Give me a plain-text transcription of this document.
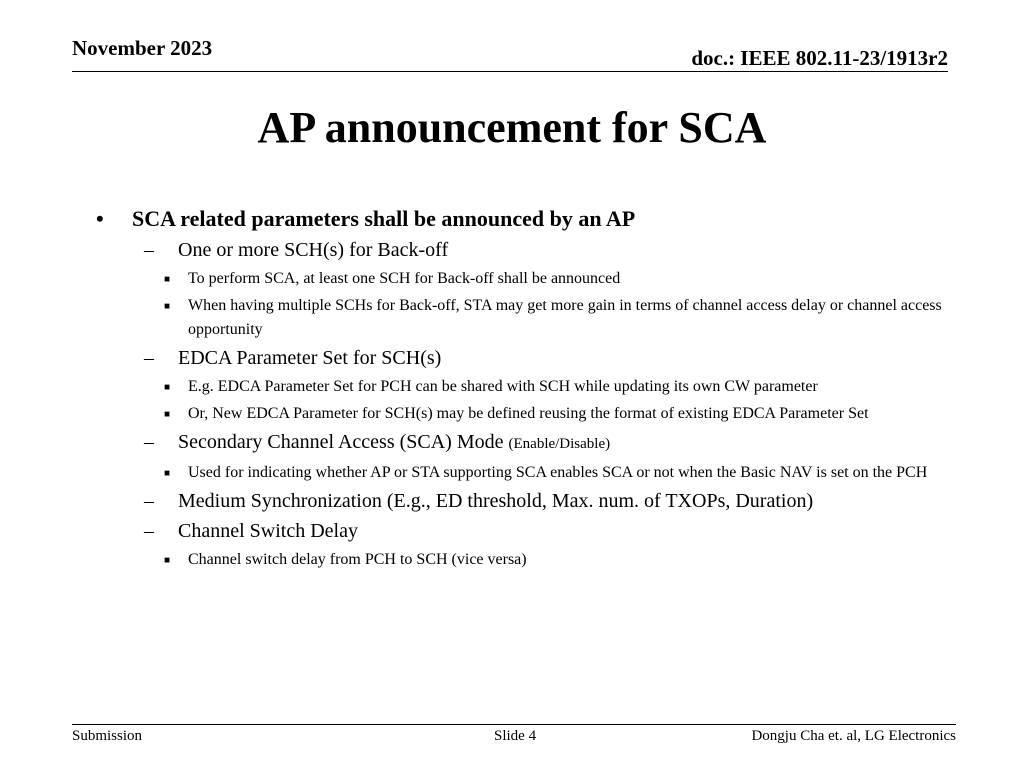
November 2023	doc.: IEEE 802.11-23/1913r2
AP announcement for SCA
• SCA related parameters shall be announced by an AP
– One or more SCH(s) for Back-off
■ To perform SCA, at least one SCH for Back-off shall be announced
■ When having multiple SCHs for Back-off, STA may get more gain in terms of channel access delay or channel access opportunity
– EDCA Parameter Set for SCH(s)
■ E.g. EDCA Parameter Set for PCH can be shared with SCH while updating its own CW parameter
■ Or, New EDCA Parameter for SCH(s) may be defined reusing the format of existing EDCA Parameter Set
– Secondary Channel Access (SCA) Mode (Enable/Disable)
■ Used for indicating whether AP or STA supporting SCA enables SCA or not when the Basic NAV is set on the PCH
– Medium Synchronization (E.g., ED threshold, Max. num. of TXOPs, Duration)
– Channel Switch Delay
■ Channel switch delay from PCH to SCH (vice versa)
Submission	Slide 4	Dongju Cha et. al, LG Electronics
